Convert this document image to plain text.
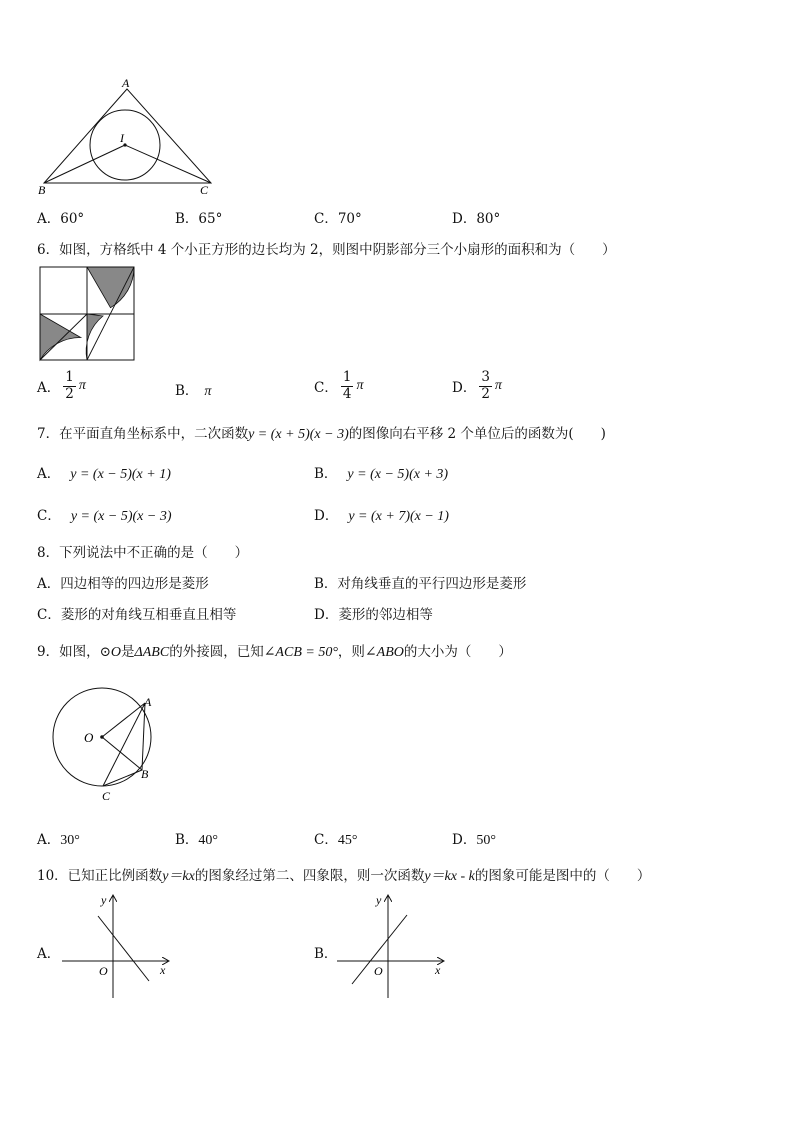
A
I
B	C
A．60°	B．65°	C．70°	D．80°
6．如图，方格纸中 4 个小正方形的边长均为 2，则图中阴影部分三个小扇形的面积和为（　　）
A． $\frac{1}{2}$ π	B． π	C． $\frac{1}{4}$ π	D． $\frac{3}{2}$ π
7．在平面直角坐标系中，二次函数y = (x + 5)(x − 3)的图像向右平移 2 个单位后的函数为(　　)
A． y = (x − 5)(x + 1)	B． y = (x − 5)(x + 3)
C． y = (x − 5)(x − 3)	D． y = (x + 7)(x − 1)
8．下列说法中不正确的是（　　）
A．四边相等的四边形是菱形	B．对角线垂直的平行四边形是菱形
C．菱形的对角线互相垂直且相等	D．菱形的邻边相等
9．如图，⊙O是ΔABC的外接圆，已知∠ACB = 50°，则∠ABO的大小为（　　）
O
A
B
C
A．30°	B．40°	C．45°	D．50°
10．已知正比例函数y＝kx的图象经过第二、四象限，则一次函数y＝kx - k的图象可能是图中的（　　）
A．
y
x
O
B．
y
x
O
